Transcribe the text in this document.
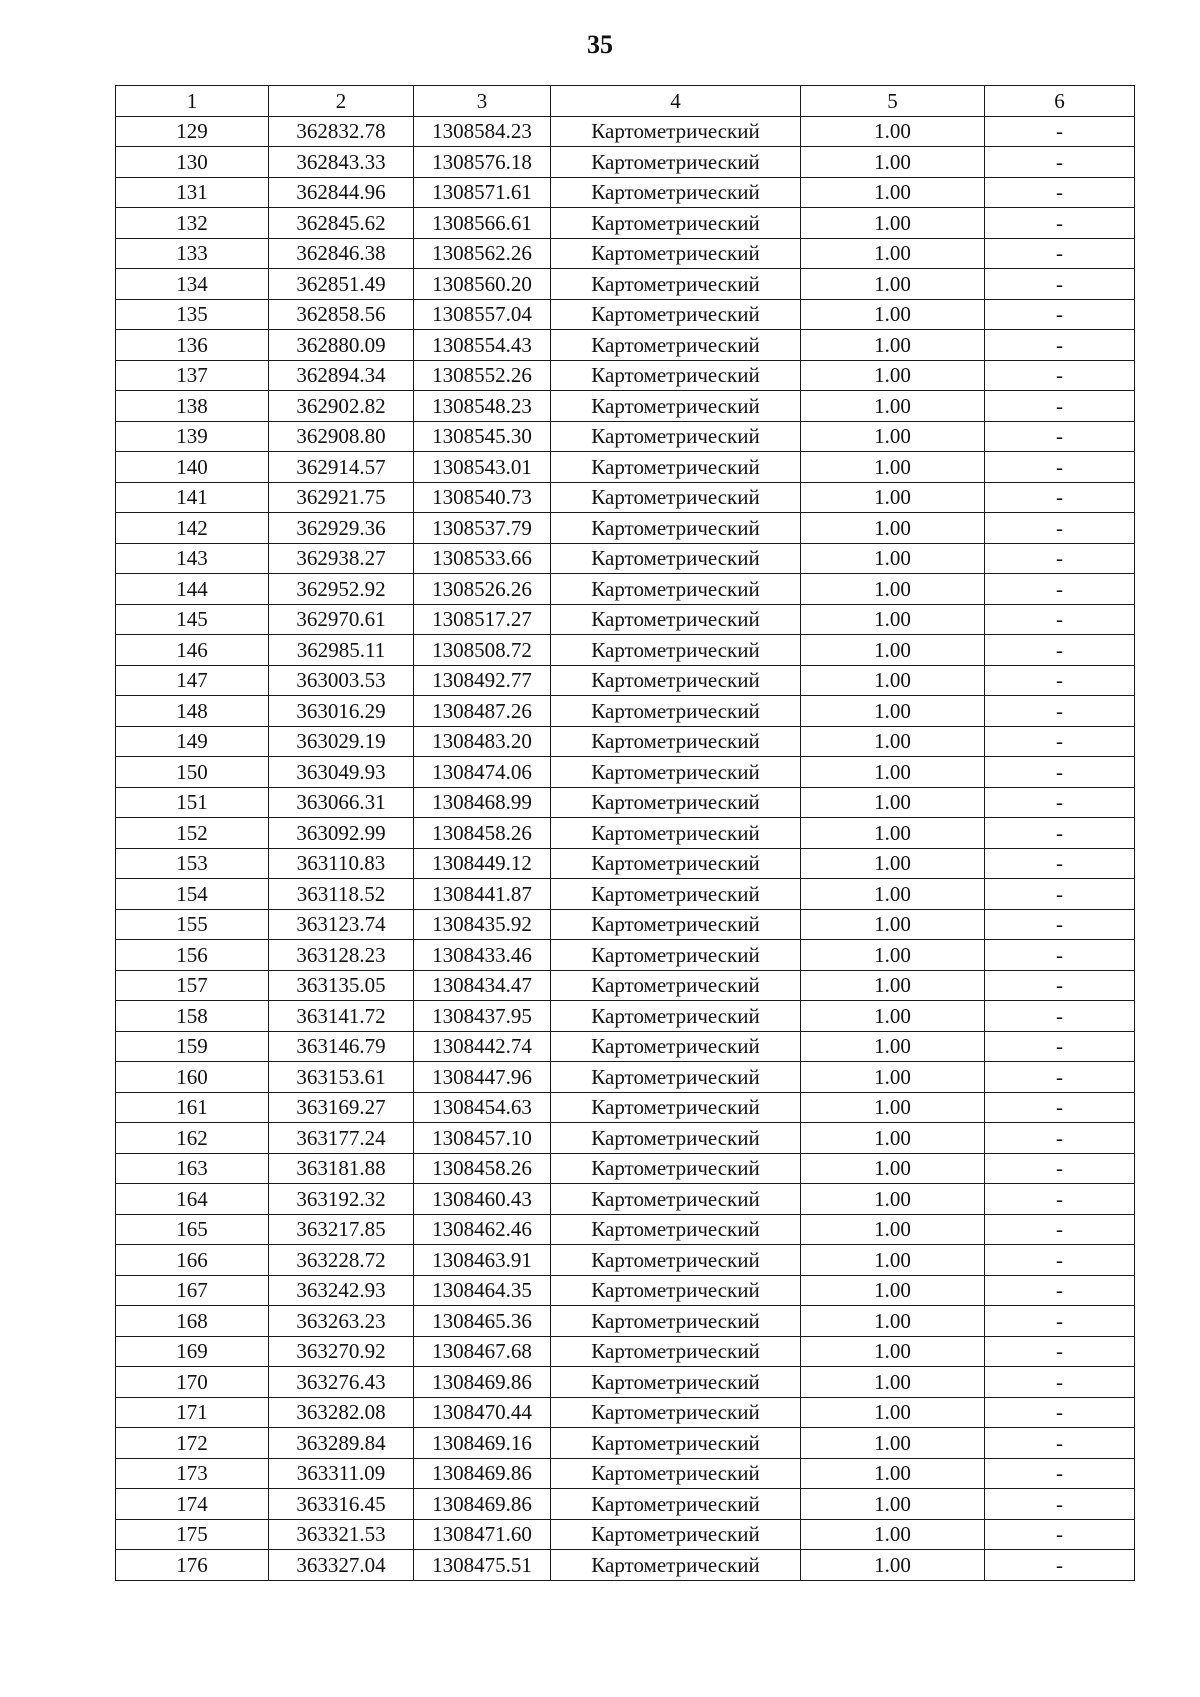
35
1	2	3	4	5	6
129	362832.78	1308584.23	Картометрический	1.00	-
130	362843.33	1308576.18	Картометрический	1.00	-
131	362844.96	1308571.61	Картометрический	1.00	-
132	362845.62	1308566.61	Картометрический	1.00	-
133	362846.38	1308562.26	Картометрический	1.00	-
134	362851.49	1308560.20	Картометрический	1.00	-
135	362858.56	1308557.04	Картометрический	1.00	-
136	362880.09	1308554.43	Картометрический	1.00	-
137	362894.34	1308552.26	Картометрический	1.00	-
138	362902.82	1308548.23	Картометрический	1.00	-
139	362908.80	1308545.30	Картометрический	1.00	-
140	362914.57	1308543.01	Картометрический	1.00	-
141	362921.75	1308540.73	Картометрический	1.00	-
142	362929.36	1308537.79	Картометрический	1.00	-
143	362938.27	1308533.66	Картометрический	1.00	-
144	362952.92	1308526.26	Картометрический	1.00	-
145	362970.61	1308517.27	Картометрический	1.00	-
146	362985.11	1308508.72	Картометрический	1.00	-
147	363003.53	1308492.77	Картометрический	1.00	-
148	363016.29	1308487.26	Картометрический	1.00	-
149	363029.19	1308483.20	Картометрический	1.00	-
150	363049.93	1308474.06	Картометрический	1.00	-
151	363066.31	1308468.99	Картометрический	1.00	-
152	363092.99	1308458.26	Картометрический	1.00	-
153	363110.83	1308449.12	Картометрический	1.00	-
154	363118.52	1308441.87	Картометрический	1.00	-
155	363123.74	1308435.92	Картометрический	1.00	-
156	363128.23	1308433.46	Картометрический	1.00	-
157	363135.05	1308434.47	Картометрический	1.00	-
158	363141.72	1308437.95	Картометрический	1.00	-
159	363146.79	1308442.74	Картометрический	1.00	-
160	363153.61	1308447.96	Картометрический	1.00	-
161	363169.27	1308454.63	Картометрический	1.00	-
162	363177.24	1308457.10	Картометрический	1.00	-
163	363181.88	1308458.26	Картометрический	1.00	-
164	363192.32	1308460.43	Картометрический	1.00	-
165	363217.85	1308462.46	Картометрический	1.00	-
166	363228.72	1308463.91	Картометрический	1.00	-
167	363242.93	1308464.35	Картометрический	1.00	-
168	363263.23	1308465.36	Картометрический	1.00	-
169	363270.92	1308467.68	Картометрический	1.00	-
170	363276.43	1308469.86	Картометрический	1.00	-
171	363282.08	1308470.44	Картометрический	1.00	-
172	363289.84	1308469.16	Картометрический	1.00	-
173	363311.09	1308469.86	Картометрический	1.00	-
174	363316.45	1308469.86	Картометрический	1.00	-
175	363321.53	1308471.60	Картометрический	1.00	-
176	363327.04	1308475.51	Картометрический	1.00	-
